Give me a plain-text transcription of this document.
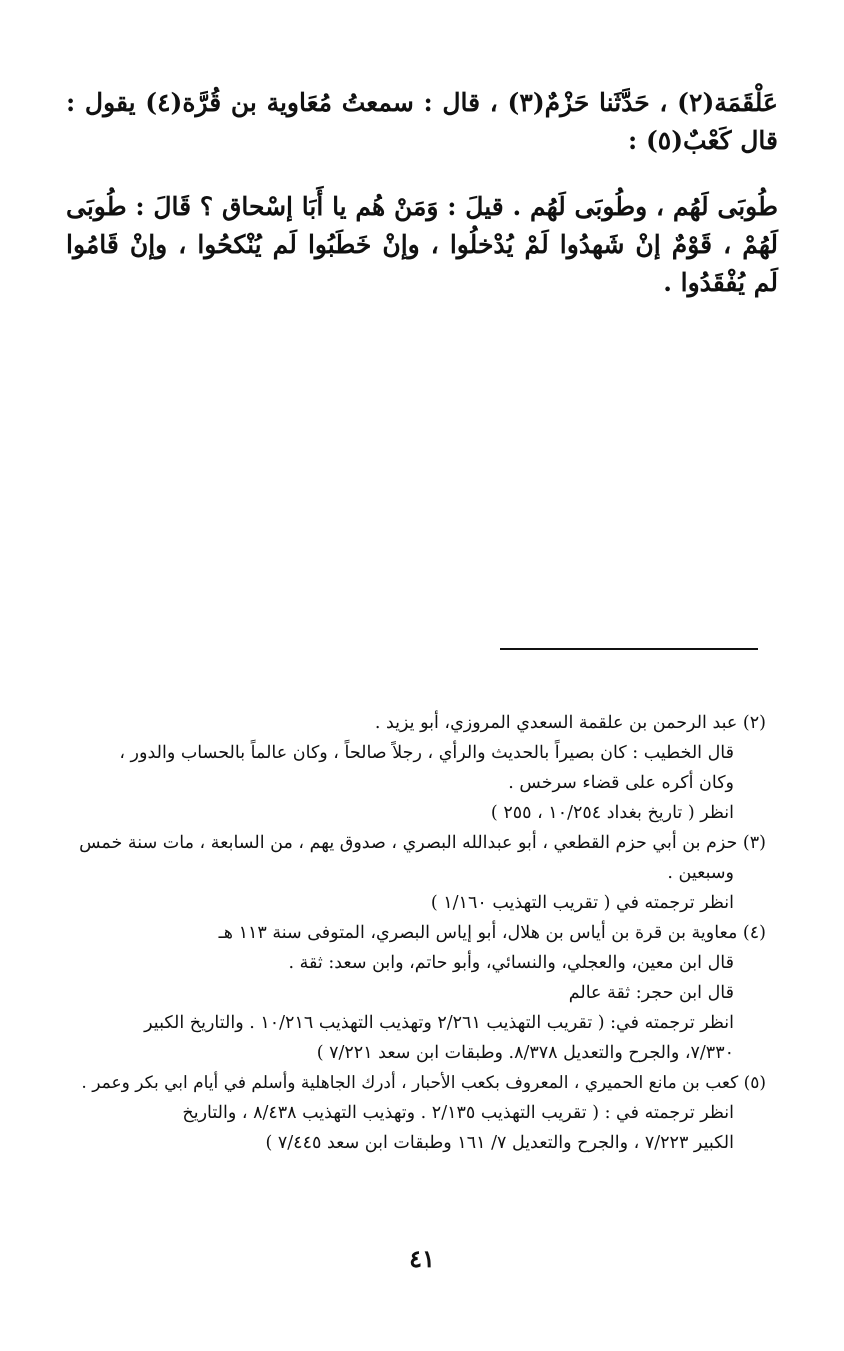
عَلْقَمَة(٢) ، حَدَّثَنا حَزْمٌ(٣) ، قال : سمعتُ مُعَاوية بن قُرَّة(٤) يقول : قال كَعْبٌ(٥) :

طُوبَى لَهُم ، وطُوبَى لَهُم . قيلَ : وَمَنْ هُم يا أَبَا إسْحاق ؟ قَالَ : طُوبَى لَهُمْ ، قَوْمٌ إنْ شَهدُوا لَمْ يُدْخلُوا ، وإنْ خَطَبُوا لَم يُنْكحُوا ، وإنْ قَامُوا لَم يُفْقَدُوا .

(٢) عبد الرحمن بن علقمة السعدي المروزي، أبو يزيد .
قال الخطيب : كان بصيراً بالحديث والرأي ، رجلاً صالحاً ، وكان عالماً بالحساب والدور ،
وكان أكره على قضاء سرخس .
انظر ( تاريخ بغداد ١٠/٢٥٤ ، ٢٥٥ )
(٣) حزم بن أبي حزم القطعي ، أبو عبدالله البصري ، صدوق يهم ، من السابعة ، مات سنة خمس
وسبعين .
انظر ترجمته في ( تقريب التهذيب ١/١٦٠ )
(٤) معاوية بن قرة بن أياس بن هلال، أبو إياس البصري، المتوفى سنة ١١٣ هـ
قال ابن معين، والعجلي، والنسائي، وأبو حاتم، وابن سعد: ثقة .
قال ابن حجر: ثقة عالم
انظر ترجمته في: ( تقريب التهذيب ٢/٢٦١ وتهذيب التهذيب ١٠/٢١٦ . والتاريخ الكبير
٧/٣٣٠، والجرح والتعديل ٨/٣٧٨. وطبقات ابن سعد ٧/٢٢١ )
(٥) كعب بن مانع الحميري ، المعروف بكعب الأحبار ، أدرك الجاهلية وأسلم في أيام ابي بكر وعمر .
انظر ترجمته في : ( تقريب التهذيب ٢/١٣٥ . وتهذيب التهذيب ٨/٤٣٨ ، والتاريخ
الكبير ٧/٢٢٣ ، والجرح والتعديل ٧/ ١٦١ وطبقات ابن سعد ٧/٤٤٥ )
٤١
